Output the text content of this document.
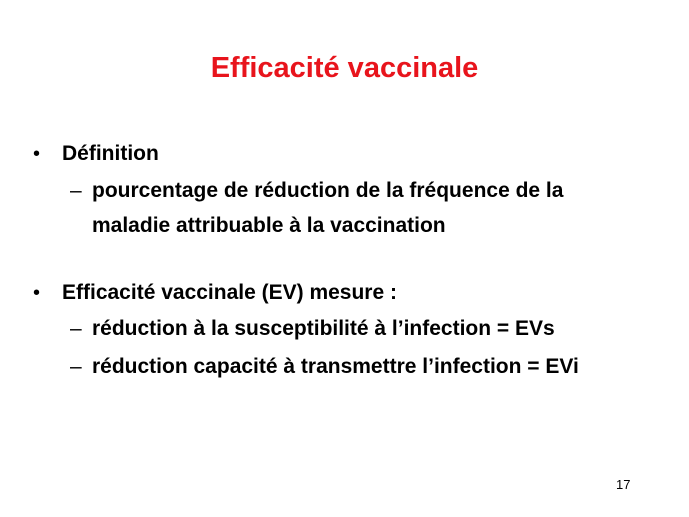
Efficacité vaccinale
• Définition
– pourcentage de réduction de la fréquence de la
maladie attribuable à la vaccination
• Efficacité vaccinale (EV) mesure :
– réduction à la susceptibilité à l’infection = EVs
– réduction capacité à transmettre l’infection = EVi
17
